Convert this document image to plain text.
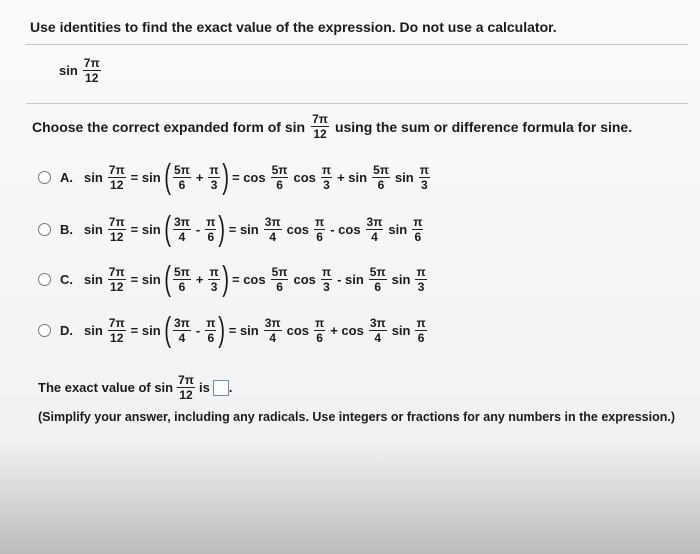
Use identities to find the exact value of the expression. Do not use a calculator.
$\sin \frac{7\pi}{12}$
Choose the correct expanded form of $\sin \frac{7\pi}{12}$ using the sum or difference formula for sine.
A. $\sin \frac{7\pi}{12} = \sin$ ( $\frac{5\pi}{6} + \frac{\pi}{3}$ ) = $\cos \frac{5\pi}{6}$ $\cos \frac{\pi}{3} + \sin \frac{5\pi}{6}$ $\sin \frac{\pi}{3}$
B. $\sin \frac{7\pi}{12} = \sin$ ( $\frac{3\pi}{4} - \frac{\pi}{6}$ ) = $\sin \frac{3\pi}{4}$ $\cos \frac{\pi}{6}$ - $\cos \frac{3\pi}{4}$ $\sin \frac{\pi}{6}$
C. $\sin \frac{7\pi}{12} = \sin$ ( $\frac{5\pi}{6} + \frac{\pi}{3}$ ) = $\cos \frac{5\pi}{6}$ $\cos \frac{\pi}{3}$ - $\sin \frac{5\pi}{6}$ $\sin \frac{\pi}{3}$
D. $\sin \frac{7\pi}{12} = \sin$ ( $\frac{3\pi}{4} - \frac{\pi}{6}$ ) = $\sin \frac{3\pi}{4}$ $\cos \frac{\pi}{6} + \cos \frac{3\pi}{4}$ $\sin \frac{\pi}{6}$
The exact value of $\sin \frac{7\pi}{12}$ is .
(Simplify your answer, including any radicals. Use integers or fractions for any numbers in the expression.)
